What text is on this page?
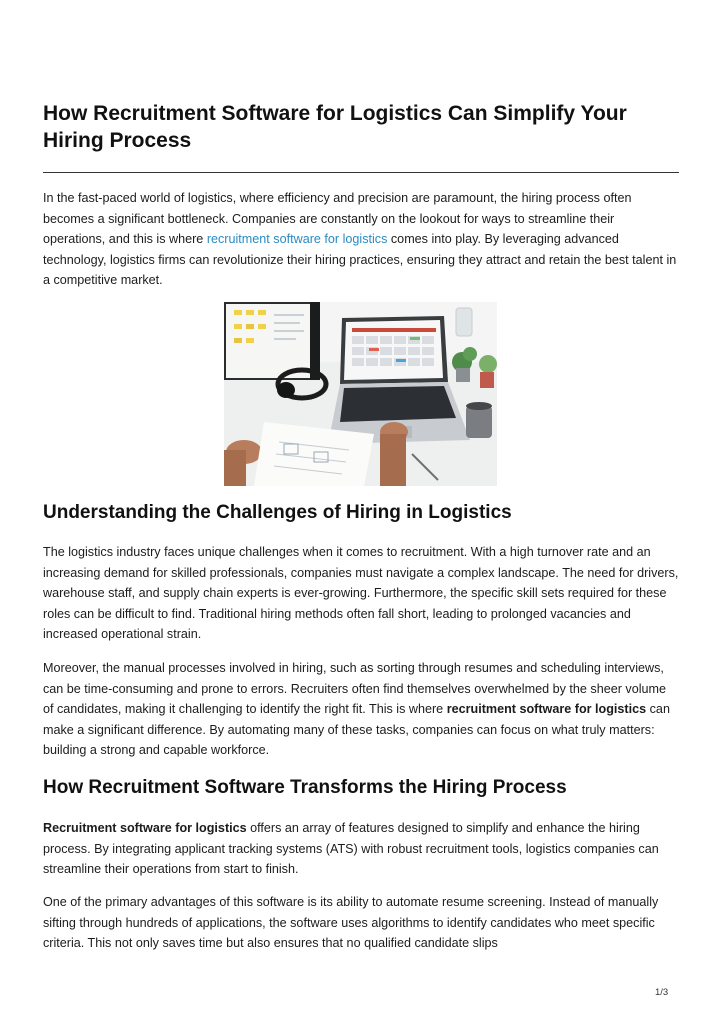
How Recruitment Software for Logistics Can Simplify Your Hiring Process

In the fast-paced world of logistics, where efficiency and precision are paramount, the hiring process often becomes a significant bottleneck. Companies are constantly on the lookout for ways to streamline their operations, and this is where recruitment software for logistics comes into play. By leveraging advanced technology, logistics firms can revolutionize their hiring practices, ensuring they attract and retain the best talent in a competitive market.

Understanding the Challenges of Hiring in Logistics

The logistics industry faces unique challenges when it comes to recruitment. With a high turnover rate and an increasing demand for skilled professionals, companies must navigate a complex landscape. The need for drivers, warehouse staff, and supply chain experts is ever-growing. Furthermore, the specific skill sets required for these roles can be difficult to find. Traditional hiring methods often fall short, leading to prolonged vacancies and increased operational strain.

Moreover, the manual processes involved in hiring, such as sorting through resumes and scheduling interviews, can be time-consuming and prone to errors. Recruiters often find themselves overwhelmed by the sheer volume of candidates, making it challenging to identify the right fit. This is where recruitment software for logistics can make a significant difference. By automating many of these tasks, companies can focus on what truly matters: building a strong and capable workforce.

How Recruitment Software Transforms the Hiring Process

Recruitment software for logistics offers an array of features designed to simplify and enhance the hiring process. By integrating applicant tracking systems (ATS) with robust recruitment tools, logistics companies can streamline their operations from start to finish.

One of the primary advantages of this software is its ability to automate resume screening. Instead of manually sifting through hundreds of applications, the software uses algorithms to identify candidates who meet specific criteria. This not only saves time but also ensures that no qualified candidate slips

1/3
